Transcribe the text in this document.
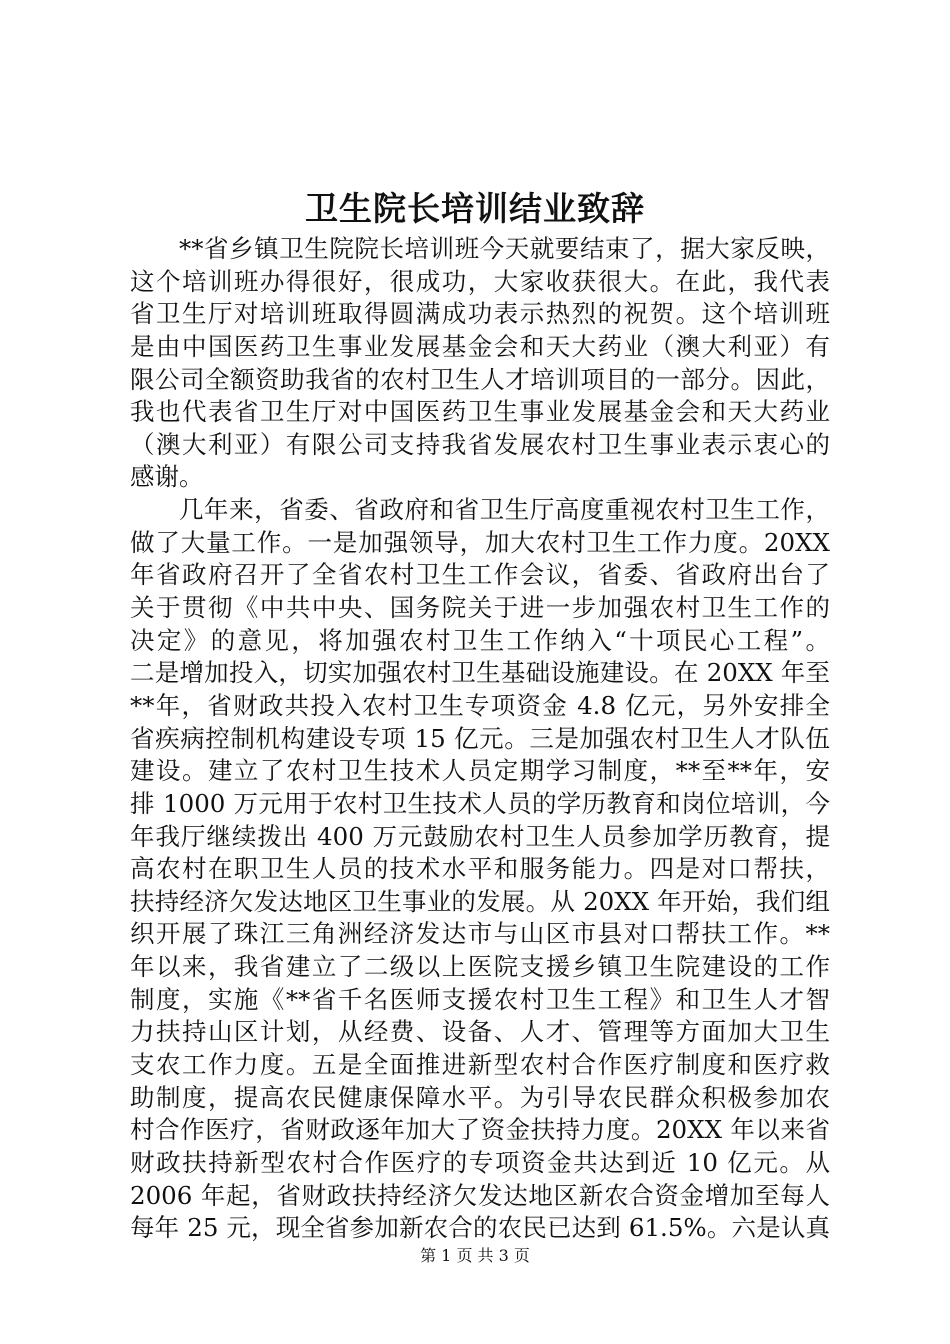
卫生院长培训结业致辞
**省乡镇卫生院院长培训班今天就要结束了，据大家反映，
这个培训班办得很好，很成功，大家收获很大。在此，我代表
省卫生厅对培训班取得圆满成功表示热烈的祝贺。这个培训班
是由中国医药卫生事业发展基金会和天大药业（澳大利亚）有
限公司全额资助我省的农村卫生人才培训项目的一部分。因此，
我也代表省卫生厅对中国医药卫生事业发展基金会和天大药业
（澳大利亚）有限公司支持我省发展农村卫生事业表示衷心的
感谢。
几年来，省委、省政府和省卫生厅高度重视农村卫生工作，
做了大量工作。一是加强领导，加大农村卫生工作力度。20XX
年省政府召开了全省农村卫生工作会议，省委、省政府出台了
关于贯彻《中共中央、国务院关于进一步加强农村卫生工作的
决定》的意见，将加强农村卫生工作纳入“十项民心工程”。
二是增加投入，切实加强农村卫生基础设施建设。在 20XX 年至
**年，省财政共投入农村卫生专项资金 4.8 亿元，另外安排全
省疾病控制机构建设专项 15 亿元。三是加强农村卫生人才队伍
建设。建立了农村卫生技术人员定期学习制度，**至**年，安
排 1000 万元用于农村卫生技术人员的学历教育和岗位培训，今
年我厅继续拨出 400 万元鼓励农村卫生人员参加学历教育，提
高农村在职卫生人员的技术水平和服务能力。四是对口帮扶，
扶持经济欠发达地区卫生事业的发展。从 20XX 年开始，我们组
织开展了珠江三角洲经济发达市与山区市县对口帮扶工作。**
年以来，我省建立了二级以上医院支援乡镇卫生院建设的工作
制度，实施《**省千名医师支援农村卫生工程》和卫生人才智
力扶持山区计划，从经费、设备、人才、管理等方面加大卫生
支农工作力度。五是全面推进新型农村合作医疗制度和医疗救
助制度，提高农民健康保障水平。为引导农民群众积极参加农
村合作医疗，省财政逐年加大了资金扶持力度。20XX 年以来省
财政扶持新型农村合作医疗的专项资金共达到近 10 亿元。从
2006 年起，省财政扶持经济欠发达地区新农合资金增加至每人
每年 25 元，现全省参加新农合的农民已达到 61.5%。六是认真
第 1 页 共 3 页
